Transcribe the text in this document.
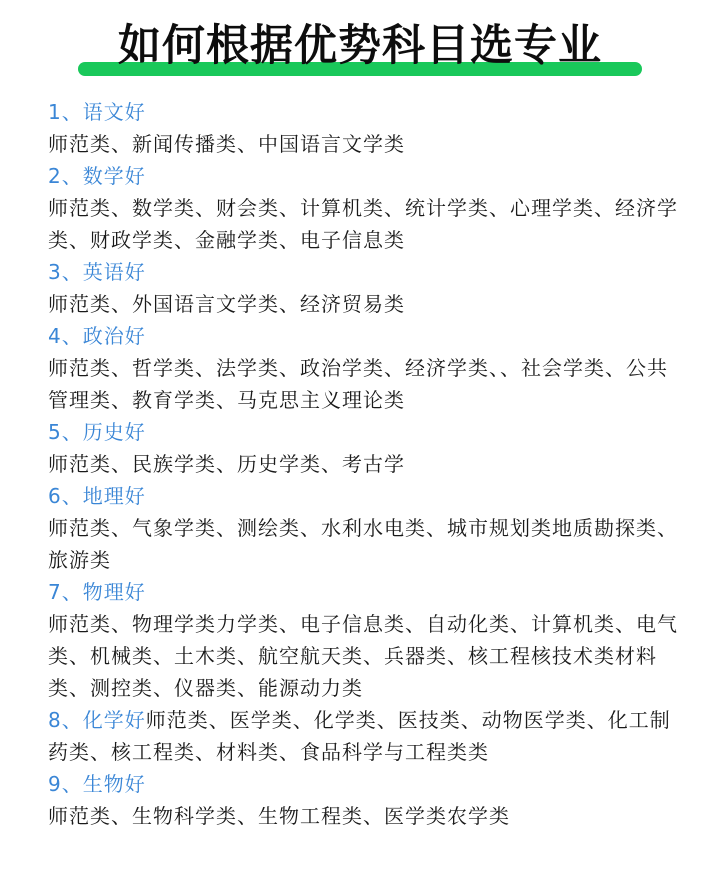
如何根据优势科目选专业
1、语文好
师范类、新闻传播类、中国语言文学类
2、数学好
师范类、数学类、财会类、计算机类、统计学类、心理学类、经济学类、财政学类、金融学类、电子信息类
3、英语好
师范类、外国语言文学类、经济贸易类
4、政治好
师范类、哲学类、法学类、政治学类、经济学类、、社会学类、公共管理类、教育学类、马克思主义理论类
5、历史好
师范类、民族学类、历史学类、考古学
6、地理好
师范类、气象学类、测绘类、水利水电类、城市规划类地质勘探类、旅游类
7、物理好
师范类、物理学类力学类、电子信息类、自动化类、计算机类、电气类、机械类、土木类、航空航天类、兵器类、核工程核技术类材料类、测控类、仪器类、能源动力类
8、化学好师范类、医学类、化学类、医技类、动物医学类、化工制药类、核工程类、材料类、食品科学与工程类类
9、生物好
师范类、生物科学类、生物工程类、医学类农学类
